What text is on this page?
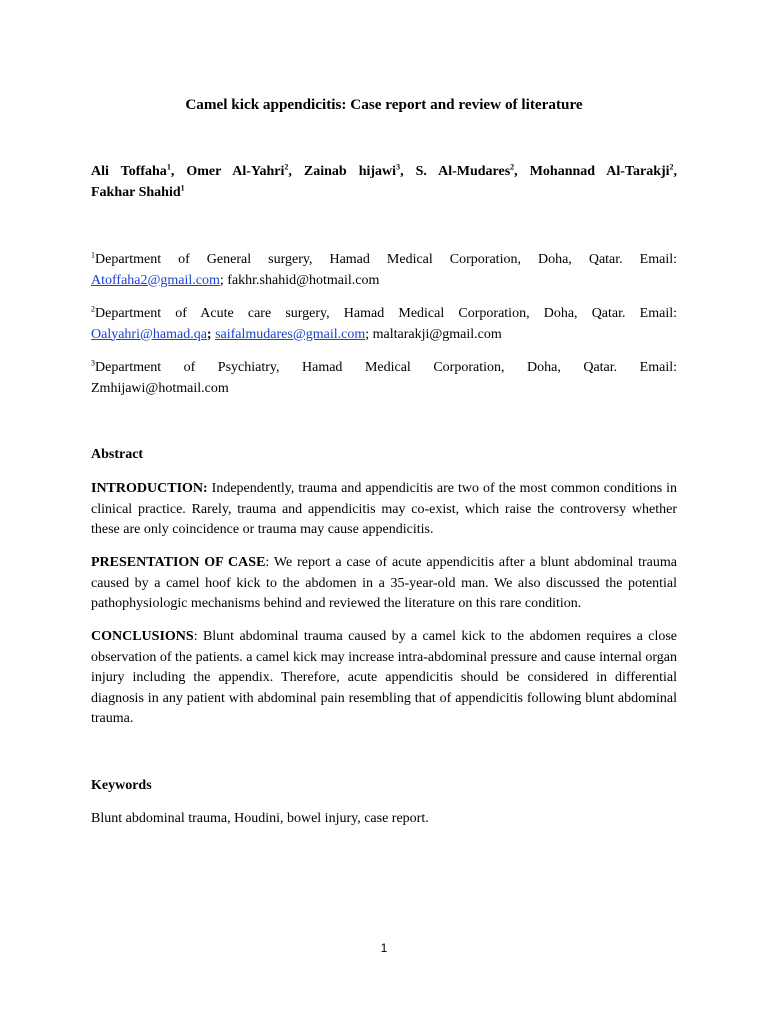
Camel kick appendicitis: Case report and review of literature
Ali Toffaha$^1$, Omer Al-Yahri$^2$, Zainab hijawi$^3$, S. Al-Mudares$^2$, Mohannad Al-Tarakji$^2$,
Fakhar Shahid$^1$
$^1$Department of General surgery, Hamad Medical Corporation, Doha, Qatar. Email:
Atoffaha2@gmail.com; fakhr.shahid@hotmail.com
$^2$Department of Acute care surgery, Hamad Medical Corporation, Doha, Qatar. Email:
Oalyahri@hamad.qa; saifalmudares@gmail.com; maltarakji@gmail.com
$^3$Department of Psychiatry, Hamad Medical Corporation, Doha, Qatar. Email:
Zmhijawi@hotmail.com
Abstract
INTRODUCTION: Independently, trauma and appendicitis are two of the most common conditions in clinical practice. Rarely, trauma and appendicitis may co-exist, which raise the controversy whether these are only coincidence or trauma may cause appendicitis.
PRESENTATION OF CASE: We report a case of acute appendicitis after a blunt abdominal trauma caused by a camel hoof kick to the abdomen in a 35-year-old man. We also discussed the potential pathophysiologic mechanisms behind and reviewed the literature on this rare condition.
CONCLUSIONS: Blunt abdominal trauma caused by a camel kick to the abdomen requires a close observation of the patients. a camel kick may increase intra-abdominal pressure and cause internal organ injury including the appendix. Therefore, acute appendicitis should be considered in differential diagnosis in any patient with abdominal pain resembling that of appendicitis following blunt abdominal trauma.
Keywords
Blunt abdominal trauma, Houdini, bowel injury, case report.
1
